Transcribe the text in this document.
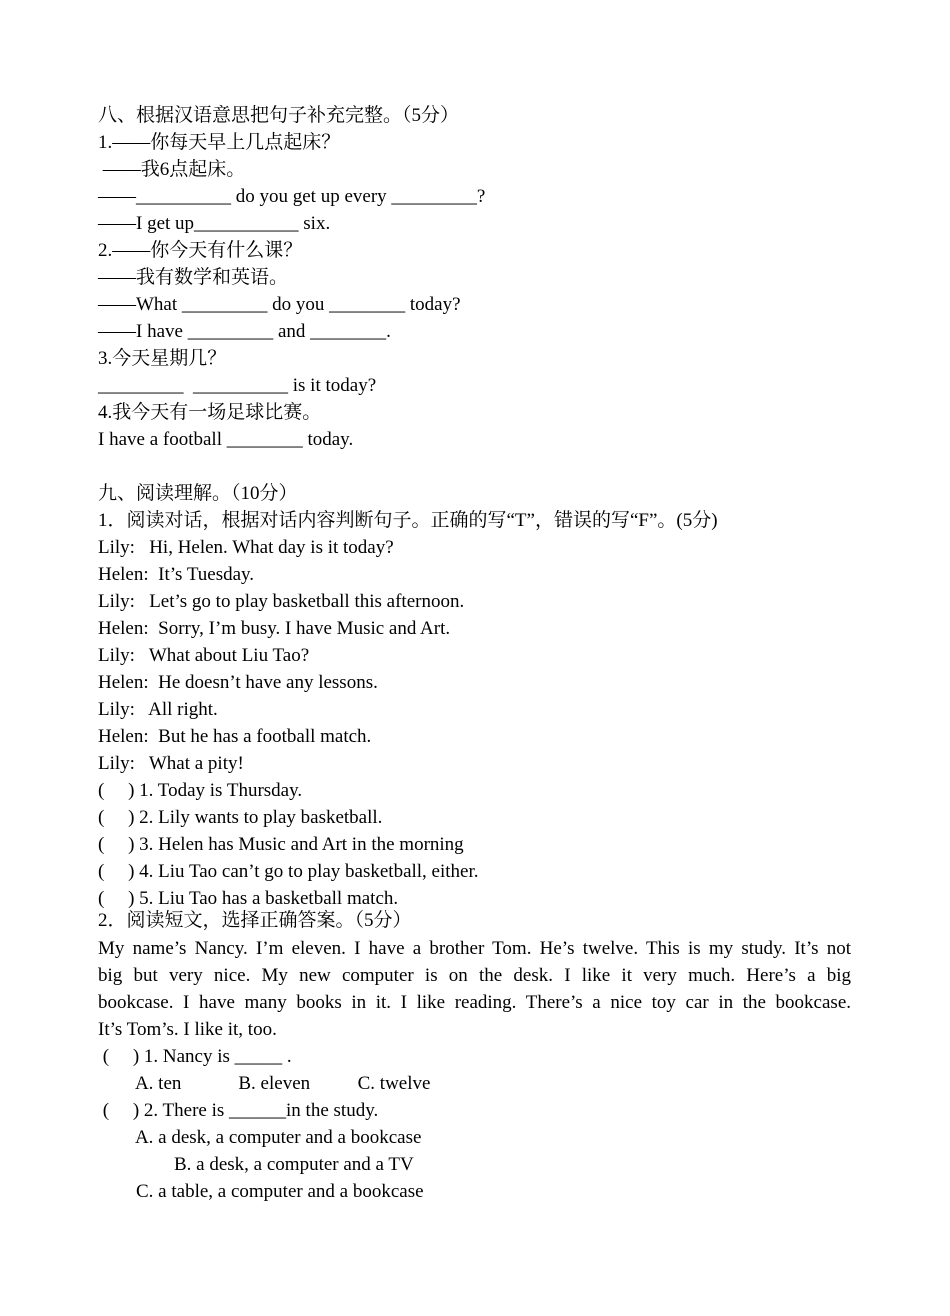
八、根据汉语意思把句子补充完整。（5分）
1.——你每天早上几点起床？
——我6点起床。
——__________ do you get up every _________?
——I get up___________ six.
2.——你今天有什么课？
——我有数学和英语。
——What _________ do you ________ today?
——I have _________ and ________.
3.今天星期几？
_________  __________ is it today?
4.我今天有一场足球比赛。
I have a football ________ today.
九、阅读理解。（10分）
1．阅读对话，根据对话内容判断句子。正确的写“T”，错误的写“F”。(5分)
Lily:   Hi, Helen. What day is it today?
Helen:  It’s Tuesday.
Lily:   Let’s go to play basketball this afternoon.
Helen:  Sorry, I’m busy. I have Music and Art.
Lily:   What about Liu Tao?
Helen:  He doesn’t have any lessons.
Lily:   All right.
Helen:  But he has a football match.
Lily:   What a pity!
(     ) 1. Today is Thursday.
(     ) 2. Lily wants to play basketball.
(     ) 3. Helen has Music and Art in the morning
(     ) 4. Liu Tao can’t go to play basketball, either.
(     ) 5. Liu Tao has a basketball match.
2．阅读短文，选择正确答案。（5分）
My name’s Nancy. I’m eleven. I have a brother Tom. He’s twelve. This is my study. It’s not
big but very nice. My new computer is on the desk. I like it very much. Here’s a big
bookcase. I have many books in it. I like reading. There’s a nice toy car in the bookcase.
It’s Tom’s. I like it, too.
(     ) 1. Nancy is _____ .
A. ten            B. eleven          C. twelve
(     ) 2. There is ______in the study.
A. a desk, a computer and a bookcase
B. a desk, a computer and a TV
C. a table, a computer and a bookcase
